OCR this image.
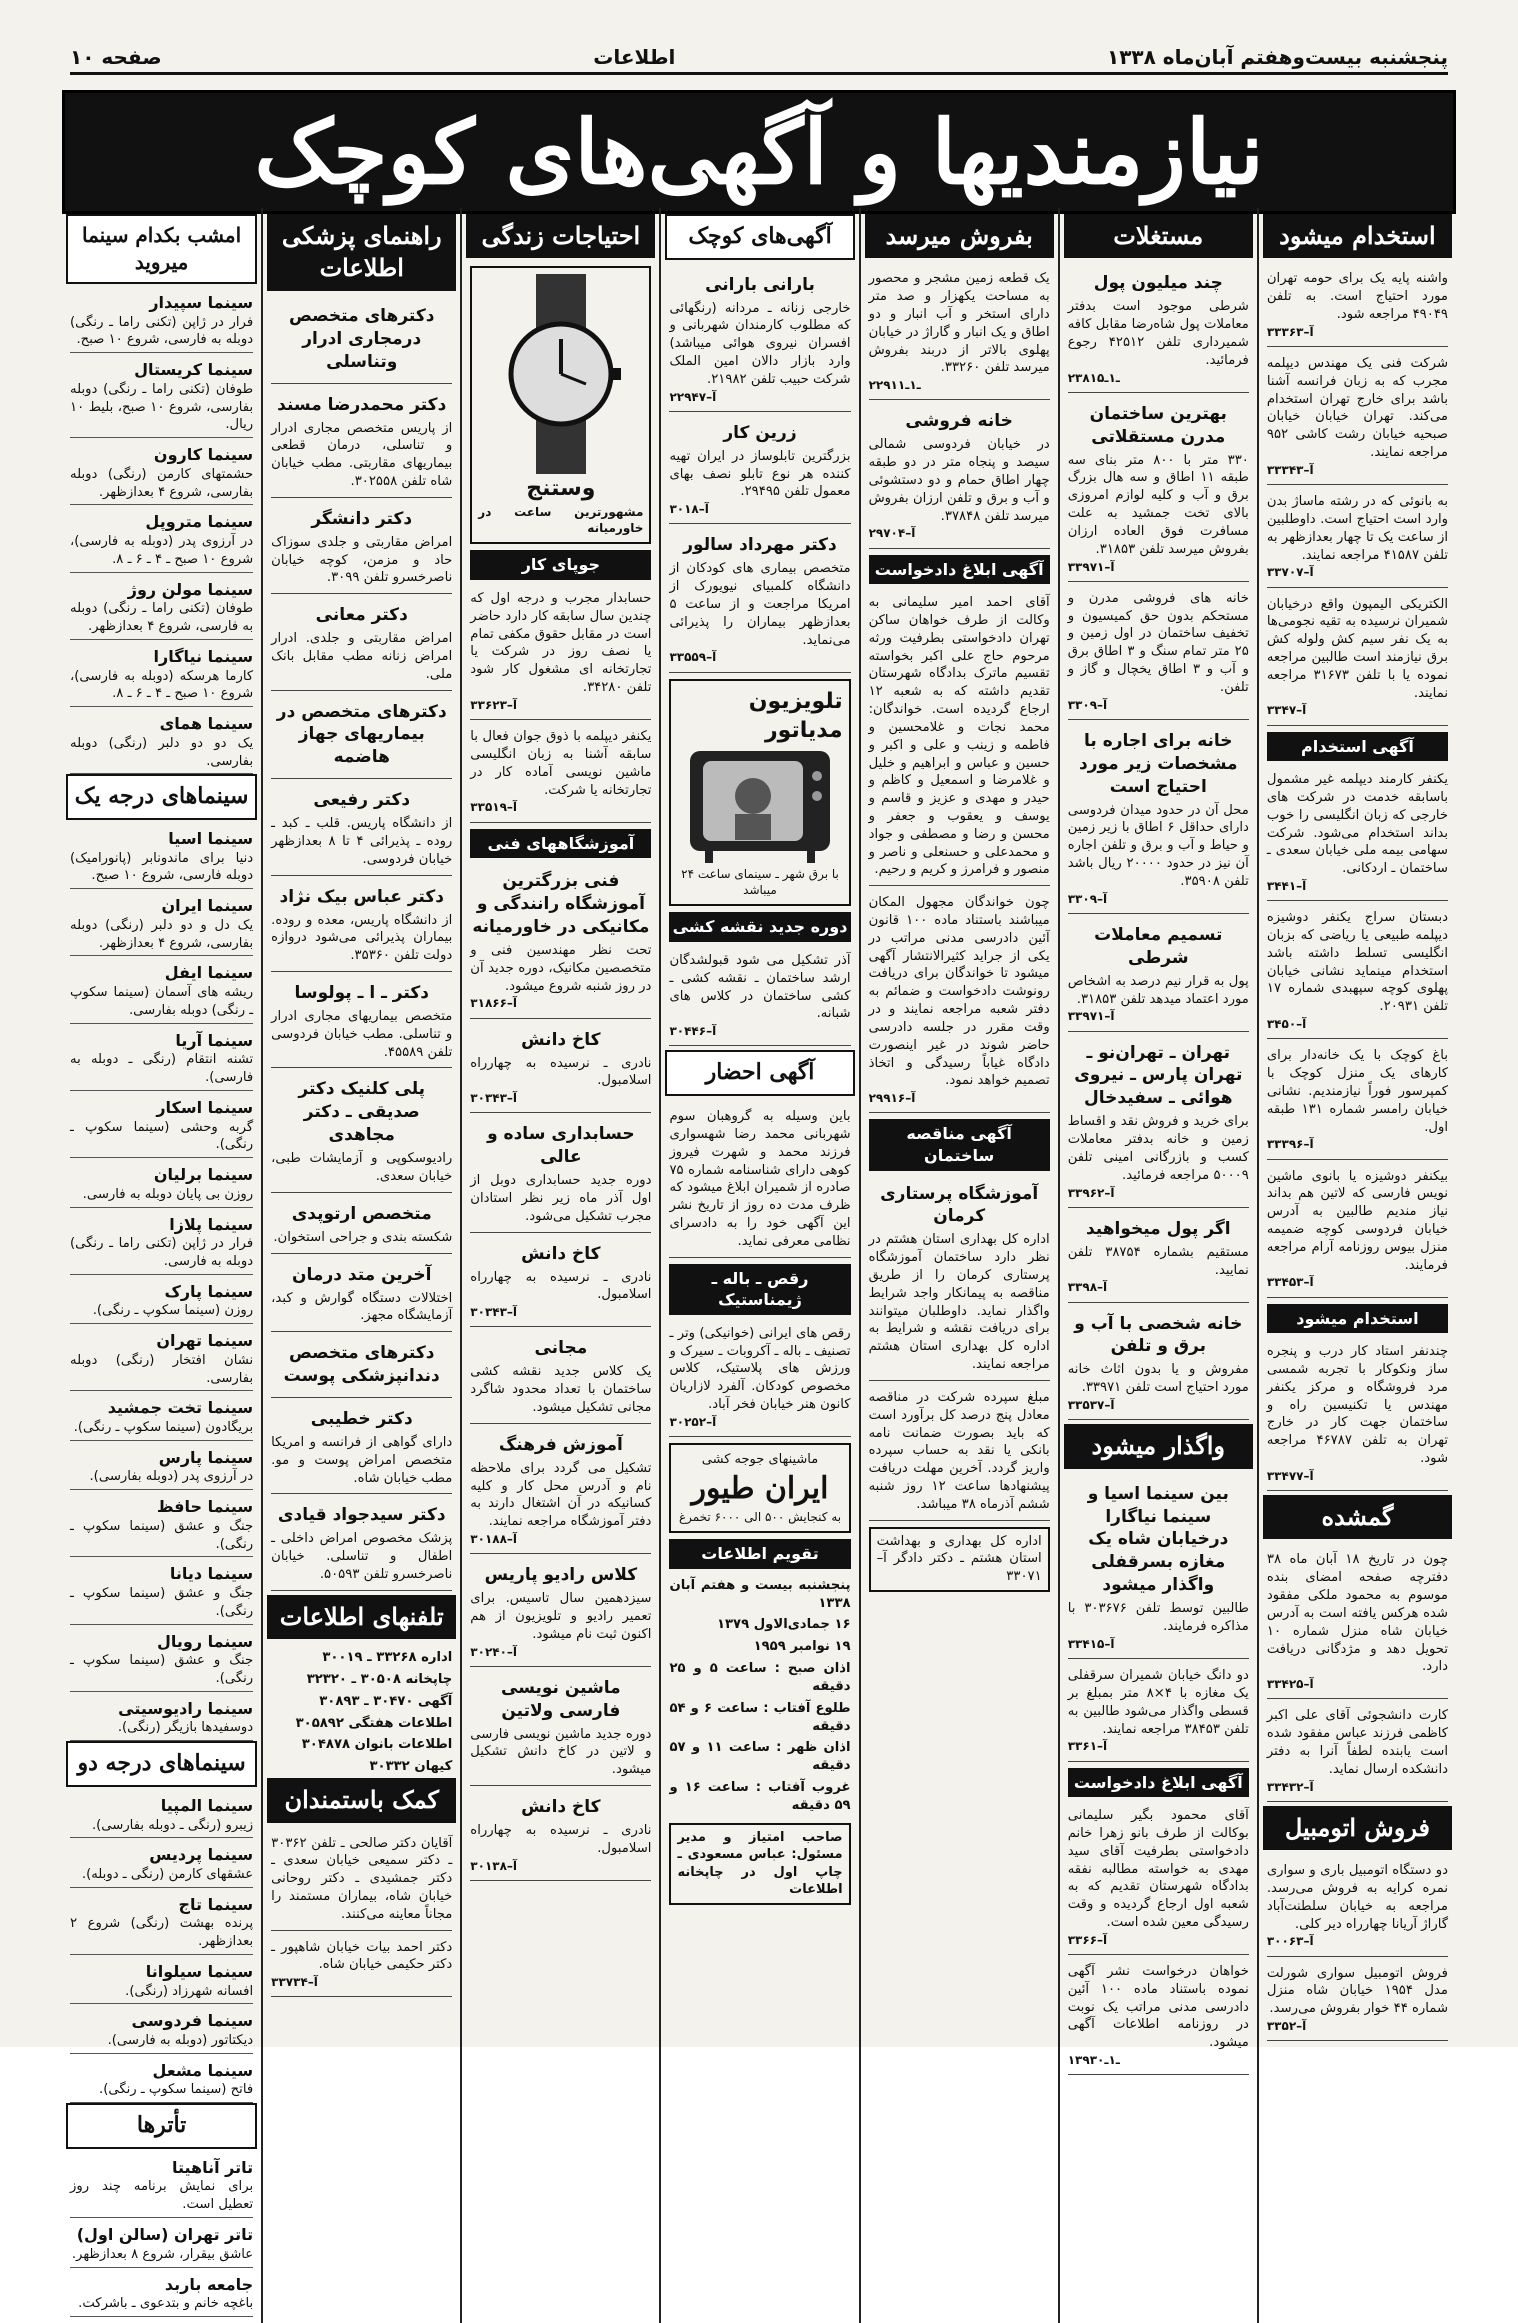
پنجشنبه بیست‌وهفتم آبان‌ماه ۱۳۳۸
اطلاعات
صفحه ۱۰
نیازمندیها و آگهی‌های کوچک
استخدام میشود

واشنه پایه یک برای حومه تهران مورد احتیاج است. به تلفن ۴۹۰۴۹ مراجعه شود.

آ–۳۳۳۶۳

شرکت فنی یک مهندس دیپلمه مجرب که به زبان فرانسه آشنا باشد برای خارج تهران استخدام می‌کند. تهران خیابان خیابان صبحیه خیابان رشت کاشی ۹۵۲ مراجعه نمایند.

آ–۳۳۳۴۳

به بانوئی که در رشته ماساژ بدن وارد است احتیاج است. داوطلبین از ساعت یک تا چهار بعدازظهر به تلفن ۴۱۵۸۷ مراجعه نمایند.

آ–۳۳۷۰۷

الکتریکی الیمپون واقع درخیابان شمیران نرسیده به تقیه نجومی‌ها به یک نفر سیم کش ولوله کش برق نیازمند است طالبین مراجعه نموده یا با تلفن ۳۱۶۷۳ مراجعه نمایند.

آ–۳۳۴۷
آگهی استخدام

یکنفر کارمند دیپلمه غیر مشمول باسابقه خدمت در شرکت های خارجی که زبان انگلیسی را خوب بداند استخدام می‌شود. شرکت سهامی بیمه ملی خیابان سعدی ـ ساختمان ـ اردکانی.

آ–۳۴۴۱

دبستان سراج یکنفر دوشیزه دیپلمه طبیعی یا ریاضی که بزبان انگلیسی تسلط داشته باشد استخدام مینماید نشانی خیابان پهلوی کوچه سپهبدی شماره ۱۷ تلفن ۲۰۹۳۱.

آ–۳۴۵۰

باغ کوچک با یک خانه‌دار برای کارهای یک منزل کوچک با کمپرسور فوراً نیازمندیم. نشانی خیابان رامسر شماره ۱۳۱ طبقه اول.

آ–۳۳۳۹۶

بیکنفر دوشیزه یا بانوی ماشین نویس فارسی که لاتین هم بداند نیاز مندیم طالبین به آدرس خیابان فردوسی کوچه ضمیمه منزل بیوس روزنامه آرام مراجعه فرمایند.

آ–۳۳۴۵۳
استخدام میشود

چندنفر استاد کار درب و پنجره ساز ونکوکار با تجربه شمسی مرد فروشگاه و مرکز یکنفر مهندس یا تکنیسین راه و ساختمان جهت کار در خارج تهران به تلفن ۴۶۷۸۷ مراجعه شود.

آ–۳۳۴۷۷
گمشده

چون در تاریخ ۱۸ آبان ماه ۳۸ دفترچه صفحه امضای بنده موسوم به محمود ملکی مفقود شده هرکس یافته است به آدرس خیابان شاه منزل شماره ۱۰ تحویل دهد و مژدگانی دریافت دارد.

آ–۳۳۴۲۵

کارت دانشجوئی آقای علی اکبر کاظمی فرزند عباس مفقود شده است یابنده لطفاً آنرا به دفتر دانشکده ارسال نماید.

آ–۳۳۴۳۲
فروش اتومبیل

دو دستگاه اتومبیل باری و سواری نمره کرایه به فروش می‌رسد. مراجعه به خیابان سلطنت‌آباد گاراژ آریانا چهارراه دیر کلی.

آ–۳۰۰۶۳

فروش اتومبیل سواری شورلت مدل ۱۹۵۴ خیابان شاه منزل شماره ۴۴ خوار بفروش می‌رسد.

آ–۳۳۵۲
مستغلات
چند میلیون پول

شرطی موجود است بدفتر معاملات پول شاه‌رضا مقابل کافه شمیرداری تلفن ۴۲۵۱۲ رجوع فرمائید.

ـ۱ـ۲۳۸۱۵
بهترین ساختمان مدرن مستقلاتی

۳۳۰ متر با ۸۰۰ متر بنای سه طبقه ۱۱ اطاق و سه هال بزرگ برق و آب و کلیه لوازم امروزی بالای تخت جمشید به علت مسافرت فوق العاده ارزان بفروش میرسد تلفن ۳۱۸۵۳.

آ–۳۳۹۷۱

خانه های فروشی مدرن و مستحکم بدون حق کمیسیون و تخفیف ساختمان در اول زمین و ۲۵ متر تمام سنگ و ۳ اطاق برق و آب و ۳ اطاق یخچال و گاز و تلفن.

آ–۳۳۰۹
خانه برای اجاره با مشخصات زیر مورد احتیاج است

محل آن در حدود میدان فردوسی دارای حداقل ۶ اطاق با زیر زمین و حیاط و آب و برق و تلفن اجاره آن نیز در حدود ۲۰۰۰۰ ریال باشد تلفن ۳۵۹۰۸.

آ–۳۳۰۹
تسمیم معاملات شرطی

پول به قرار نیم درصد به اشخاص مورد اعتماد میدهد تلفن ۳۱۸۵۳.

آ–۳۳۹۷۱
تهران ـ تهران‌نو ـ تهران پارس ـ نیروی هوائی ـ سفیدخال

برای خرید و فروش نقد و اقساط زمین و خانه بدفتر معاملات کسب و بازرگانی امینی تلفن ۵۰۰۰۹ مراجعه فرمائید.

آ–۳۳۹۶۲
اگر پول میخواهید

مستقیم بشماره ۳۸۷۵۴ تلفن نمایید.

آ–۳۳۹۸
خانه شخصی با آب و برق و تلفن

مفروش و یا بدون اثاث خانه مورد احتیاج است تلفن ۳۳۹۷۱.

آ–۳۳۵۳۷
واگذار میشود
بین سینما اسیا و سینما نیاگارا درخیابان شاه یک مغازه بسرقفلی واگذار میشود

طالبین توسط تلفن ۳۰۳۶۷۶ با مذاکره فرمایند.

آ–۳۳۴۱۵

دو دانگ خیابان شمیران سرقفلی یک مغازه با ۴×۸ متر بمبلغ بر قسطی واگذار می‌شود طالبین به تلفن ۳۸۴۵۳ مراجعه نمایند.

آ–۳۳۶۱
آگهی ابلاغ دادخواست

آقای محمود بگیر سلیمانی بوکالت از طرف بانو زهرا خانم دادخواستی بطرفیت آقای سید مهدی به خواسته مطالبه نفقه بدادگاه شهرستان تقدیم که به شعبه اول ارجاع گردیده و وقت رسیدگی معین شده است.

آ–۳۳۶۶

خواهان درخواست نشر آگهی نموده باستناد ماده ۱۰۰ آئین دادرسی مدنی مراتب یک نوبت در روزنامه اطلاعات آگهی میشود.

ـ۱ـ۱۳۹۳۰
بفروش میرسد

یک قطعه زمین مشجر و محصور به مساحت یکهزار و صد متر دارای استخر و آب انبار و دو اطاق و یک انبار و گاراژ در خیابان پهلوی بالاتر از دربند بفروش میرسد تلفن ۳۳۲۶۰.

ـ۱ـ۲۲۹۱۱
خانه فروشی

در خیابان فردوسی شمالی سیصد و پنجاه متر در دو طبقه چهار اطاق حمام و دو دستشوئی و آب و برق و تلفن ارزان بفروش میرسد تلفن ۳۷۸۴۸.

آ–۲۹۷۰۴
آگهی ابلاغ دادخواست

آقای احمد امیر سلیمانی به وکالت از طرف خواهان ساکن تهران دادخواستی بطرفیت ورثه مرحوم حاج علی اکبر بخواسته تقسیم ماترک بدادگاه شهرستان تقدیم داشته که به شعبه ۱۲ ارجاع گردیده است. خواندگان: محمد نجات و غلامحسین و فاطمه و زینب و علی و اکبر و حسین و عباس و ابراهیم و خلیل و غلامرضا و اسمعیل و کاظم و حیدر و مهدی و عزیز و قاسم و یوسف و یعقوب و جعفر و محسن و رضا و مصطفی و جواد و محمدعلی و حسنعلی و ناصر و منصور و فرامرز و کریم و رحیم.

چون خواندگان مجهول المکان میباشند باستناد ماده ۱۰۰ قانون آئین دادرسی مدنی مراتب در یکی از جراید کثیرالانتشار آگهی میشود تا خواندگان برای دریافت رونوشت دادخواست و ضمائم به دفتر شعبه مراجعه نمایند و در وقت مقرر در جلسه دادرسی حاضر شوند در غیر اینصورت دادگاه غیاباً رسیدگی و اتخاذ تصمیم خواهد نمود.

آ–۲۹۹۱۶
آگهی مناقصه ساختمان
آموزشگاه پرستاری کرمان

اداره کل بهداری استان هشتم در نظر دارد ساختمان آموزشگاه پرستاری کرمان را از طریق مناقصه به پیمانکار واجد شرایط واگذار نماید. داوطلبان میتوانند برای دریافت نقشه و شرایط به اداره کل بهداری استان هشتم مراجعه نمایند.

مبلغ سپرده شرکت در مناقصه معادل پنج درصد کل برآورد است که باید بصورت ضمانت نامه بانکی یا نقد به حساب سپرده واریز گردد. آخرین مهلت دریافت پیشنهادها ساعت ۱۲ روز شنبه ششم آذرماه ۳۸ میباشد.

اداره کل بهداری و بهداشت استان هشتم ـ دکتر دادگر آ–۳۳۰۷۱
آگهی‌های کوچک
بارانی بارانی

خارجی زنانه ـ مردانه (رنگهائی که مطلوب کارمندان شهربانی و افسران نیروی هوائی میباشد) وارد بازار دالان امین الملک شرکت حبیب تلفن ۲۱۹۸۲.

آ–۲۲۹۴۷
زرین کار

بزرگترین تابلوساز در ایران تهیه کننده هر نوع تابلو نصف بهای معمول تلفن ۲۹۴۹۵.

آ–۳۰۱۸
دکتر مهرداد سالور

متخصص بیماری های کودکان از دانشگاه کلمبیای نیویورک از امریکا مراجعت و از ساعت ۵ بعدازظهر بیماران را پذیرائی می‌نماید.

آ–۳۳۵۵۹
تلویزیون مدیاتور
با برق شهر ـ سینمای ساعت ۲۴ میباشد
دوره جدید نقشه کشی

آذر تشکیل می شود قبولشدگان ارشد ساختمان ـ نقشه کشی ـ کشی ساختمان در کلاس های شبانه.

آ–۳۰۴۴۶
آگهی احضار

باین وسیله به گروهبان سوم شهربانی محمد رضا شهسواری فرزند محمد و شهرت فیروز کوهی دارای شناسنامه شماره ۷۵ صادره از شمیران ابلاغ میشود که ظرف مدت ده روز از تاریخ نشر این آگهی خود را به دادسرای نظامی معرفی نماید.

رقص ـ باله ـ ژیمناستیک

رقص های ایرانی (خوانیکی) وتر ـ تصنیف ـ باله ـ آکروبات ـ سیرک و ورزش های پلاستیک، کلاس مخصوص کودکان. آلفرد لازاریان کانون هنر خیابان فخر آباد.

آ–۳۰۲۵۲
ماشینهای جوجه کشی
ایران طیور
به کنجایش ۵۰۰ الی ۶۰۰۰ تخمرغ
تقویم اطلاعات
پنجشنبه بیست و هفتم آبان ۱۳۳۸
۱۶ جمادی‌الاول ۱۳۷۹
۱۹ نوامبر ۱۹۵۹
اذان صبح : ساعت ۵ و ۲۵ دقیقه
طلوع آفتاب : ساعت ۶ و ۵۴ دقیقه
اذان ظهر : ساعت ۱۱ و ۵۷ دقیقه
غروب آفتاب : ساعت ۱۶ و ۵۹ دقیقه
صاحب امتیاز و مدیر مسئول: عباس مسعودی ـ چاپ اول در چاپخانه اطلاعات
احتیاجات زندگی
وستنج
مشهورترین ساعت در خاورمیانه
جوپای کار

حسابدار مجرب و درجه اول که چندین سال سابقه کار دارد حاضر است در مقابل حقوق مکفی تمام یا نصف روز در شرکت یا تجارتخانه ای مشغول کار شود تلفن ۳۴۲۸۰.

آ–۳۳۶۲۳

یکنفر دیپلمه با ذوق جوان فعال با سابقه آشنا به زبان انگلیسی ماشین نویسی آماده کار در تجارتخانه یا شرکت.

آ–۳۳۵۱۹
آموزشگاههای فنی
فنی بزرگترین آموزشگاه رانندگی و مکانیکی در خاورمیانه

تحت نظر مهندسین فنی و متخصصین مکانیک، دوره جدید آن در روز شنبه شروع میشود.

آ–۳۱۸۶۶
کاخ دانش

نادری ـ نرسیده به چهارراه اسلامبول.

آ–۳۰۳۴۳
حسابداری ساده و عالی

دوره جدید حسابداری دوبل از اول آذر ماه زیر نظر استادان مجرب تشکیل می‌شود.

کاخ دانش

نادری ـ نرسیده به چهارراه اسلامبول.

آ–۳۰۳۴۳
مجانی

یک کلاس جدید نقشه کشی ساختمان با تعداد محدود شاگرد مجانی تشکیل میشود.

آموزش فرهنگ

تشکیل می گردد برای ملاحظه نام و آدرس محل کار و کلیه کسانیکه در آن اشتغال دارند به دفتر آموزشگاه مراجعه نمایند.

آ–۳۰۱۸۸
کلاس رادیو پاریس

سیزدهمین سال تاسیس. برای تعمیر رادیو و تلویزیون از هم اکنون ثبت نام میشود.

آ–۳۰۲۴۰
ماشین نویسی فارسی ولاتین

دوره جدید ماشین نویسی فارسی و لاتین در کاخ دانش تشکیل میشود.

کاخ دانش

نادری ـ نرسیده به چهارراه اسلامبول.

آ–۳۰۱۳۸
راهنمای پزشکی اطلاعات
دکترهای متخصص درمجاری ادرار وتناسلی
دکتر محمدرضا مسند

از پاریس متخصص مجاری ادرار و تناسلی، درمان قطعی بیماریهای مقاربتی. مطب خیابان شاه تلفن ۳۰۲۵۵۸.

دکتر دانشگر

امراض مقاربتی و جلدی سوزاک حاد و مزمن، کوچه خیابان ناصرخسرو تلفن ۳۰۹۹.

دکتر معانی

امراض مقاربتی و جلدی. ادرار امراض زنانه مطب مقابل بانک ملی.

دکترهای متخصص در بیماریهای جهاز هاضمه
دکتر رفیعی

از دانشگاه پاریس. قلب ـ کبد ـ روده ـ پذیرائی ۴ تا ۸ بعدازظهر خیابان فردوسی.

دکتر عباس بیک نژاد

از دانشگاه پاریس، معده و روده. بیماران پذیرائی می‌شود دروازه دولت تلفن ۳۵۳۶۰.

دکتر ـ ا ـ پولوسا

متخصص بیماریهای مجاری ادرار و تناسلی. مطب خیابان فردوسی تلفن ۴۵۵۸۹.

پلی کلنیک دکتر صدیقی ـ دکتر مجاهدی

رادیوسکوپی و آزمایشات طبی، خیابان سعدی.

متخصص ارتوپدی

شکسته بندی و جراحی استخوان.

آخرین متد درمان

اختلالات دستگاه گوارش و کبد، آزمایشگاه مجهز.

دکترهای متخصص دندانپزشکی پوست
دکتر خطیبی

دارای گواهی از فرانسه و امریکا متخصص امراض پوست و مو. مطب خیابان شاه.

دکتر سیدجواد قیادی

پزشک مخصوص امراض داخلی ـ اطفال و تناسلی. خیابان ناصرخسرو تلفن ۵۰۵۹۳.

تلفنهای اطلاعات
اداره ۳۳۲۶۸ ـ ۳۰۰۱۹
چاپخانه ۳۰۵۰۸ ـ ۳۲۳۲۰
آگهی ۳۰۴۷۰ ـ ۳۰۸۹۳
اطلاعات هفتگی ۳۰۵۸۹۲
اطلاعات بانوان ۳۰۴۸۷۸
کیهان ۳۰۳۳۲
کمک باستمندان

آقایان دکتر صالحی ـ تلفن ۳۰۳۶۲ ـ دکتر سمیعی خیابان سعدی ـ دکتر جمشیدی ـ دکتر روحانی خیابان شاه، بیماران مستمند را مجاناً معاینه می‌کنند.

دکتر احمد بیات خیابان شاهپور ـ دکتر حکیمی خیابان شاه.

آ–۳۳۷۳۴
امشب بکدام سینما میروید
سینما سپیدار
فرار در ژاپن (تکنی راما ـ رنگی) دوبله به فارسی، شروع ۱۰ صبح.
سینما کریستال
طوفان (تکنی راما ـ رنگی) دوبله بفارسی، شروع ۱۰ صبح، بلیط ۱۰ ریال.
سینما کارون
حشمتهای کارمن (رنگی) دوبله بفارسی، شروع ۴ بعدازظهر.
سینما متروپل
در آرزوی پدر (دوبله به فارسی)، شروع ۱۰ صبح ـ ۴ ـ ۶ ـ ۸.
سینما مولن روژ
طوفان (تکنی راما ـ رنگی) دوبله به فارسی، شروع ۴ بعدازظهر.
سینما نیاگارا
کارما هرسکه (دوبله به فارسی)، شروع ۱۰ صبح ـ ۴ ـ ۶ ـ ۸.
سینما همای
یک دو دو دلبر (رنگی) دوبله بفارسی.
سینماهای درجه یک
سینما اسیا
دنیا برای ماندونابر (پانورامیک) دوبله فارسی، شروع ۱۰ صبح.
سینما ایران
یک دل و دو دلبر (رنگی) دوبله بفارسی، شروع ۴ بعدازظهر.
سینما ایفل
ریشه های آسمان (سینما سکوپ ـ رنگی) دوبله بفارسی.
سینما آریا
تشنه انتقام (رنگی ـ دوبله به فارسی).
سینما اسکار
گربه وحشی (سینما سکوپ ـ رنگی).
سینما برلیان
روزن بی پایان دوبله به فارسی.
سینما پلازا
فرار در ژاپن (تکنی راما ـ رنگی) دوبله به فارسی.
سینما پارک
روزن (سینما سکوپ ـ رنگی).
سینما تهران
نشان افتخار (رنگی) دوبله بفارسی.
سینما تخت جمشید
بریگادون (سینما سکوپ ـ رنگی).
سینما پارس
در آرزوی پدر (دوبله بفارسی).
سینما حافظ
جنگ و عشق (سینما سکوپ ـ رنگی).
سینما دیانا
جنگ و عشق (سینما سکوپ ـ رنگی).
سینما رویال
جنگ و عشق (سینما سکوپ ـ رنگی).
سینما رادیوسیتی
دوسفیدها بازیگر (رنگی).
سینماهای درجه دو
سینما المپیا
زیبرو (رنگی ـ دوبله بفارسی).
سینما پردیس
عشقهای کارمن (رنگی ـ دوبله).
سینما تاج
پرنده بهشت (رنگی) شروع ۲ بعدازظهر.
سینما سیلوانا
افسانه شهرزاد (رنگی).
سینما فردوسی
دیکتاتور (دوبله به فارسی).
سینما مشعل
فاتح (سینما سکوپ ـ رنگی).
تأترها
تاتر آناهیتا
برای نمایش برنامه چند روز تعطیل است.
تاتر تهران (سالن اول)
عاشق بیقرار، شروع ۸ بعدازظهر.
جامعه باربد
باغچه خانم و بتدعوی ـ باشرکت.
